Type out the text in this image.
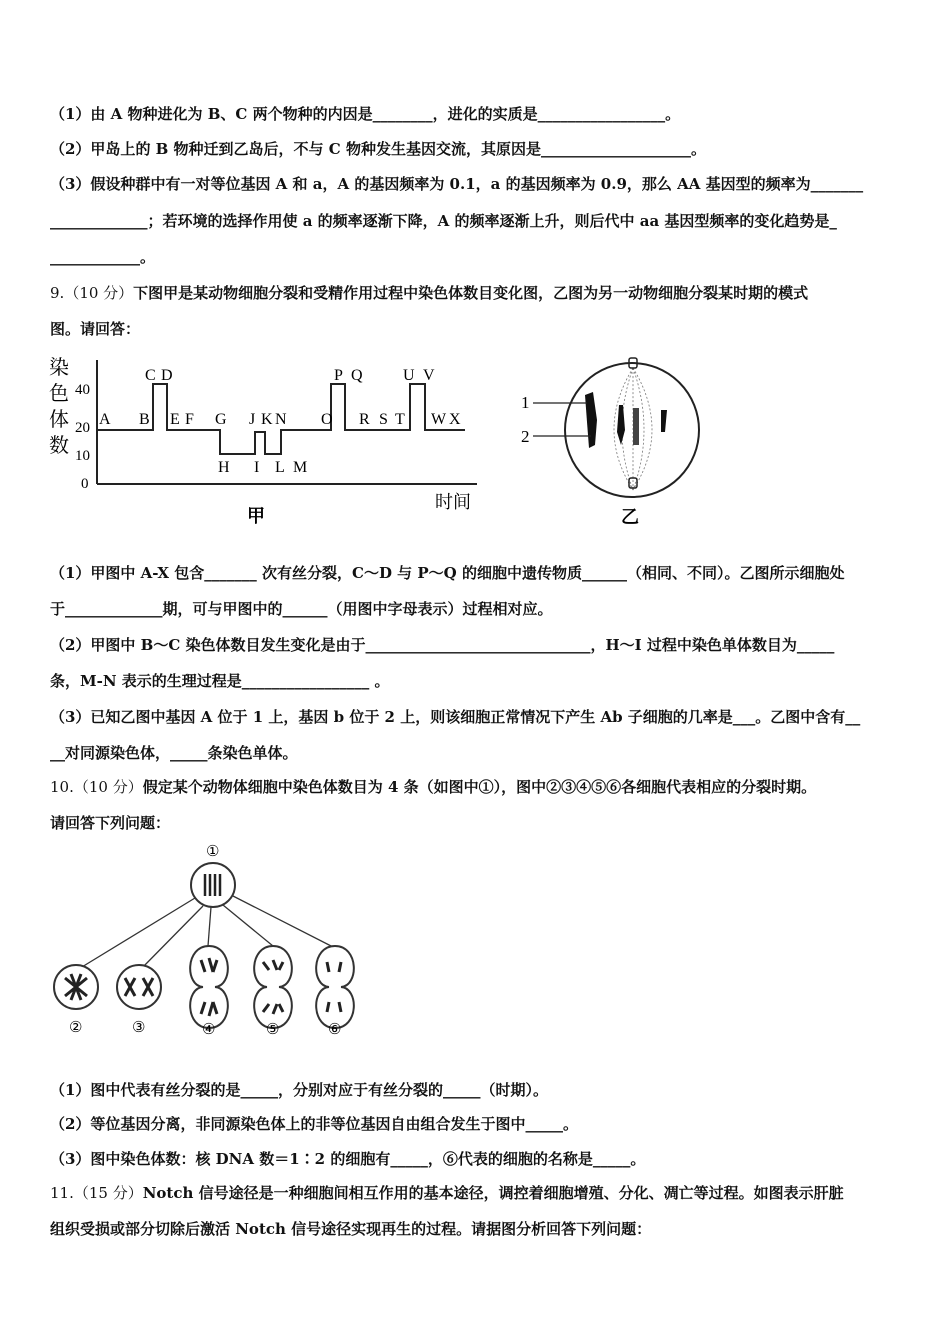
（1）由 A 物种进化为 B、C 两个物种的内因是________，进化的实质是_________________。
（2）甲岛上的 B 物种迁到乙岛后，不与 C 物种发生基因交流，其原因是____________________。
（3）假设种群中有一对等位基因 A 和 a，A 的基因频率为 0.1，a 的基因频率为 0.9，那么 AA 基因型的频率为_______
_____________；若环境的选择作用使 a 的频率逐渐下降，A 的频率逐渐上升，则后代中 aa 基因型频率的变化趋势是_
____________。
9.（10 分）下图甲是某动物细胞分裂和受精作用过程中染色体数目变化图，乙图为另一动物细胞分裂某时期的模式
图。请回答：
染
色
体
数
40
20
10
0
A B
C D
E F G J K N O
P Q
R S T
U V
W X
H I L M
时间
甲
1
2
乙
（1）甲图中 A-X 包含_______ 次有丝分裂，C～D 与 P～Q 的细胞中遗传物质______（相同、不同）。乙图所示细胞处
于_____________期，可与甲图中的______（用图中字母表示）过程相对应。
（2）甲图中 B～C 染色体数目发生变化是由于______________________________，H～I 过程中染色单体数目为_____
条，M-N 表示的生理过程是_________________ 。
（3）已知乙图中基因 A 位于 1 上，基因 b 位于 2 上，则该细胞正常情况下产生 Ab 子细胞的几率是___。乙图中含有__
__对同源染色体，_____条染色单体。
10.（10 分）假定某个动物体细胞中染色体数目为 4 条（如图中①），图中②③④⑤⑥各细胞代表相应的分裂时期。
请回答下列问题：
①
②	③	④	⑤	⑥
（1）图中代表有丝分裂的是_____，分别对应于有丝分裂的_____（时期）。
（2）等位基因分离，非同源染色体上的非等位基因自由组合发生于图中_____。
（3）图中染色体数：核 DNA 数＝1∶2 的细胞有_____，⑥代表的细胞的名称是_____。
11.（15 分）Notch 信号途径是一种细胞间相互作用的基本途径，调控着细胞增殖、分化、凋亡等过程。如图表示肝脏
组织受损或部分切除后激活 Notch 信号途径实现再生的过程。请据图分析回答下列问题：
